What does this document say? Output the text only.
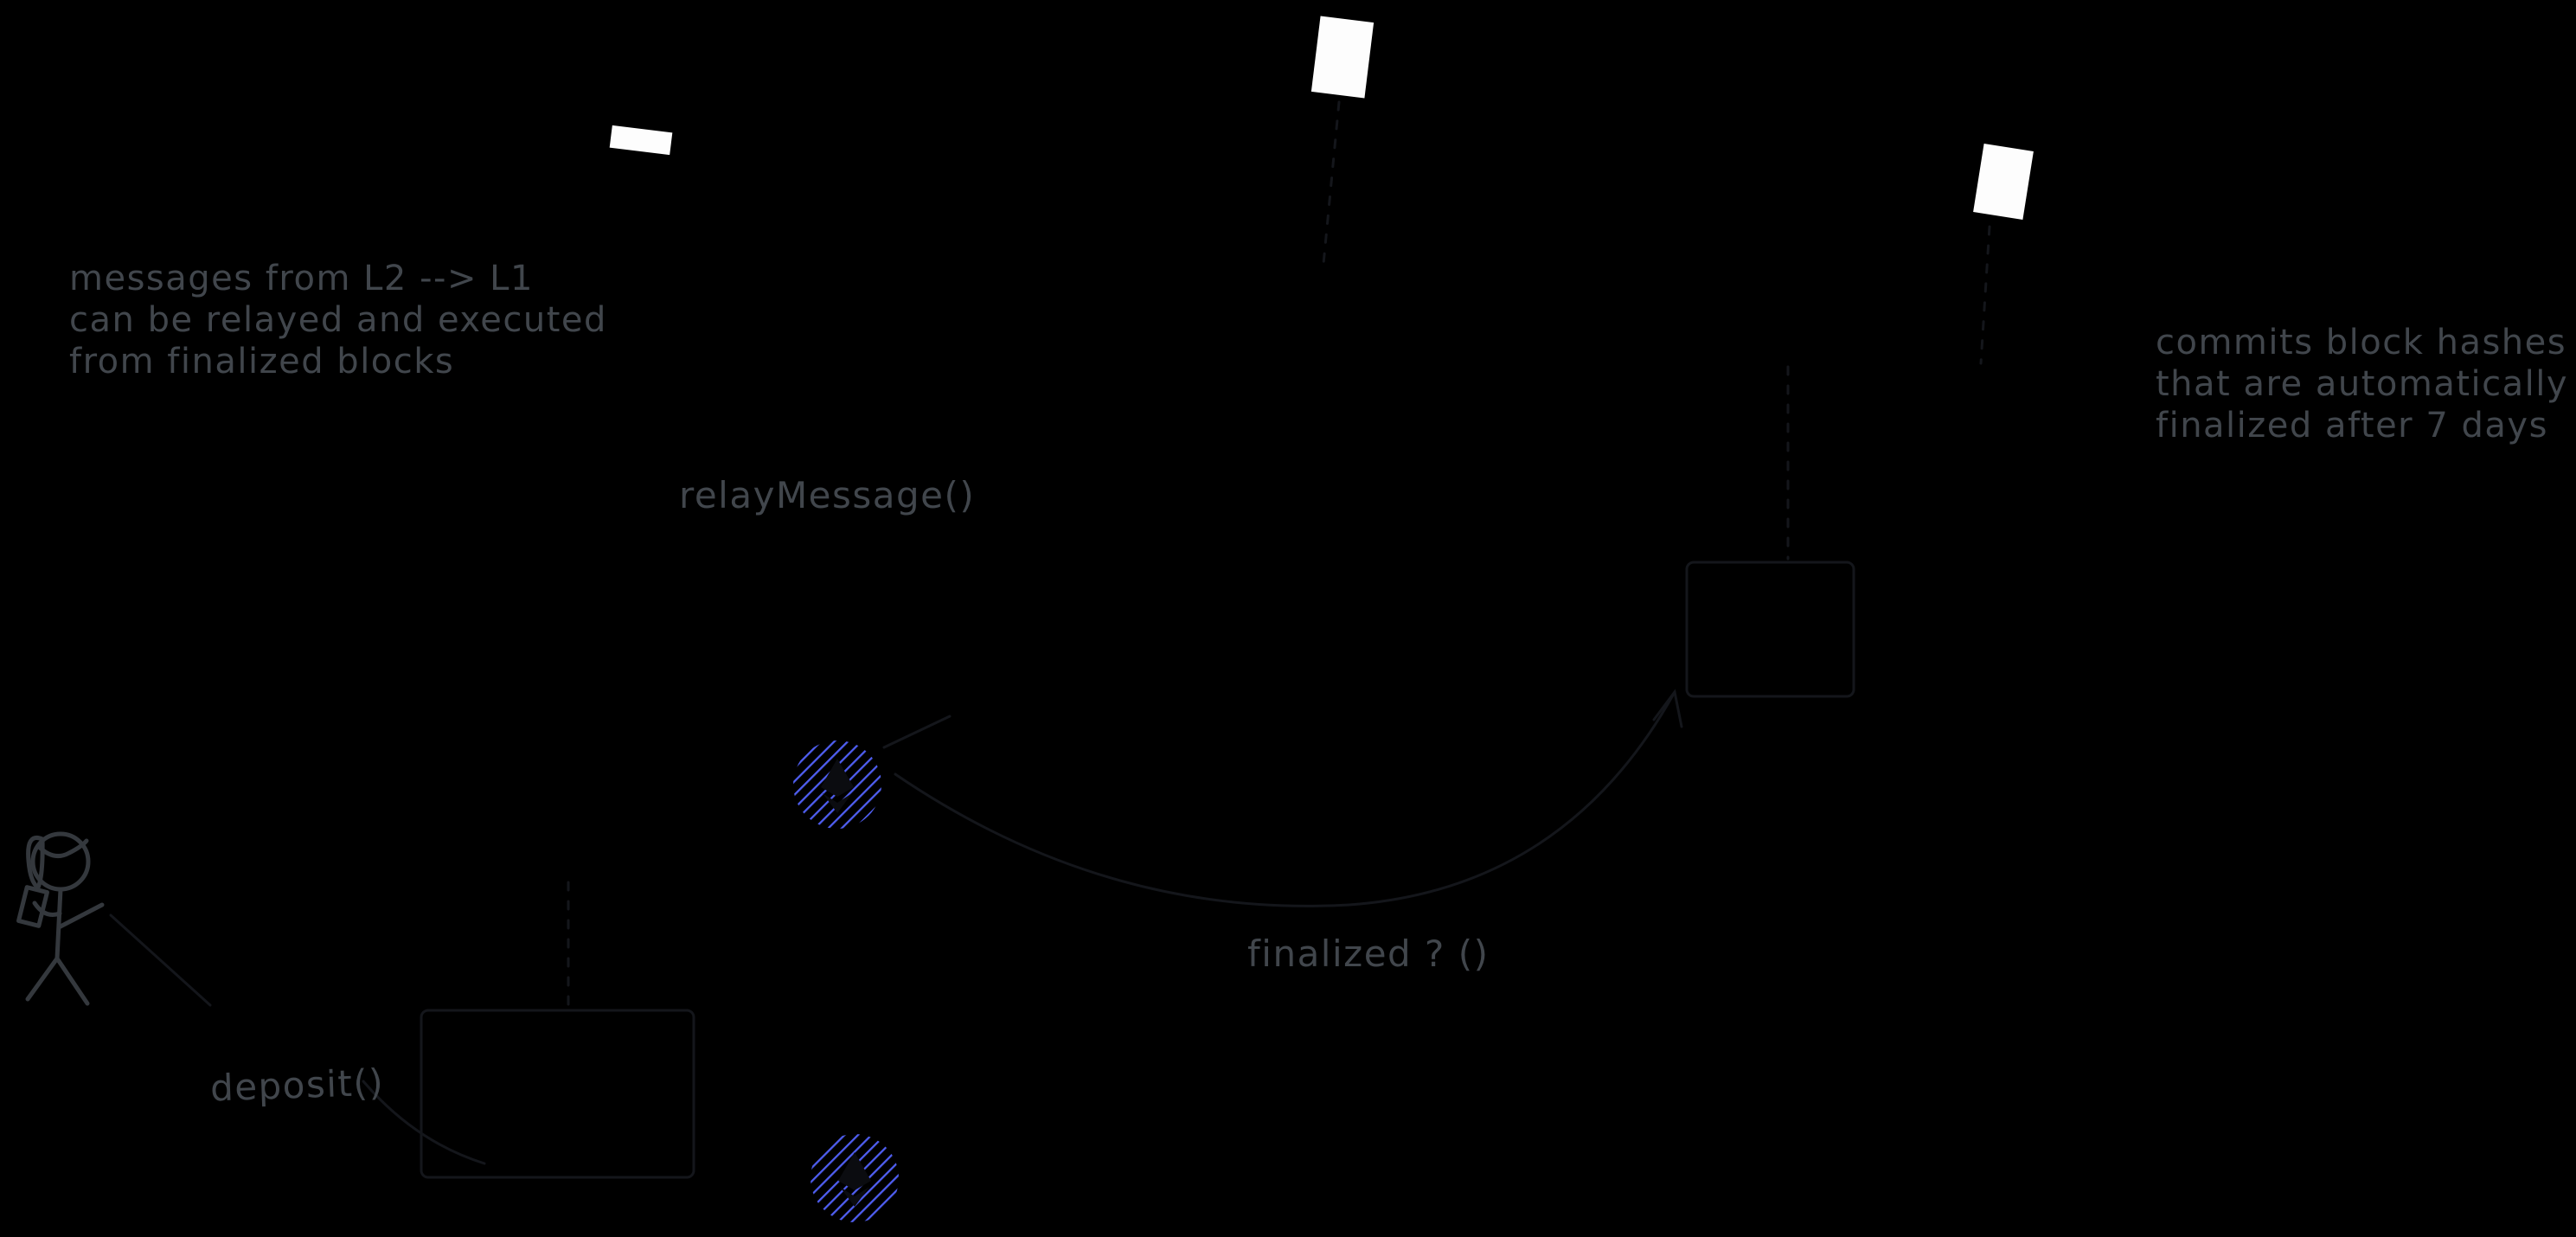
messages from L2 --> L1
can be relayed and executed
from finalized blocks	commits block hashes
that are automatically
finalized after 7 days
relayMessage()
finalized ? ()
deposit()
